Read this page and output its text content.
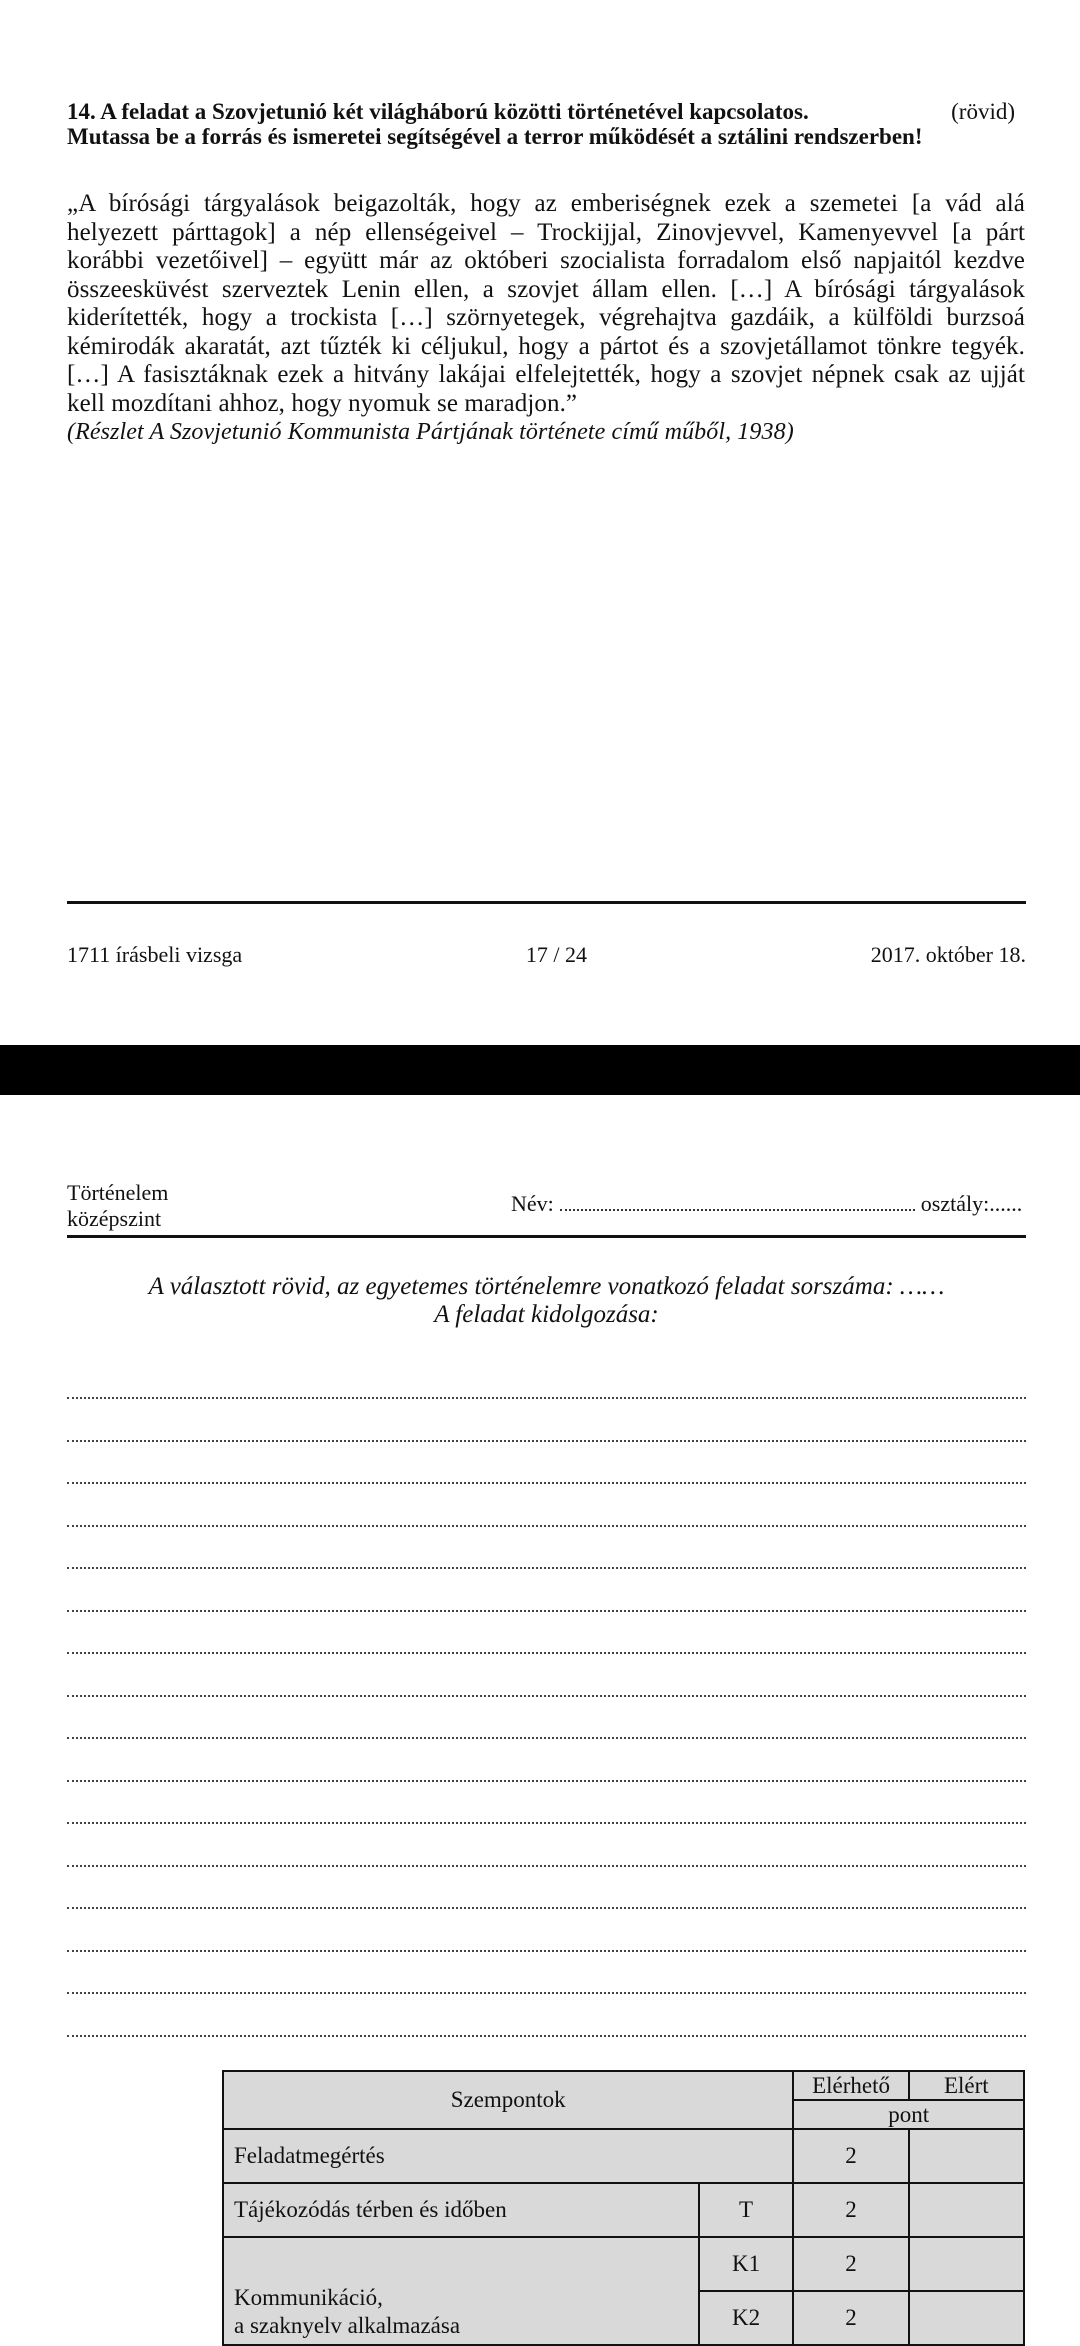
14. A feladat a Szovjetunió két világháború közötti történetével kapcsolatos.	(rövid)
Mutassa be a forrás és ismeretei segítségével a terror működését a sztálini rendszerben!

„A bírósági tárgyalások beigazolták, hogy az emberiségnek ezek a szemetei [a vád alá helyezett párttagok] a nép ellenségeivel – Trockijjal, Zinovjevvel, Kamenyevvel [a párt korábbi vezetőivel] – együtt már az októberi szocialista forradalom első napjaitól kezdve összeesküvést szerveztek Lenin ellen, a szovjet állam ellen. […] A bírósági tárgyalások kiderítették, hogy a trockista […] szörnyetegek, végrehajtva gazdáik, a külföldi burzsoá kémirodák akaratát, azt tűzték ki céljukul, hogy a pártot és a szovjetállamot tönkre tegyék. […] A fasisztáknak ezek a hitvány lakájai elfelejtették, hogy a szovjet népnek csak az ujját kell mozdítani ahhoz, hogy nyomuk se maradjon.”

(Részlet A Szovjetunió Kommunista Pártjának története című műből, 1938)

1711 írásbeli vizsga	17 / 24	2017. október 18.
Történelem
középszint
Név:	osztály:......
A választott rövid, az egyetemes történelemre vonatkozó feladat sorszáma: ……
A feladat kidolgozása:
Szempontok		Elérhető	Elért
		pont	
Feladatmegértés		2	
Tájékozódás térben és időben	T	2	

Kommunikáció,
a szaknyelv alkalmazása	K1	2	
	K2	2	
